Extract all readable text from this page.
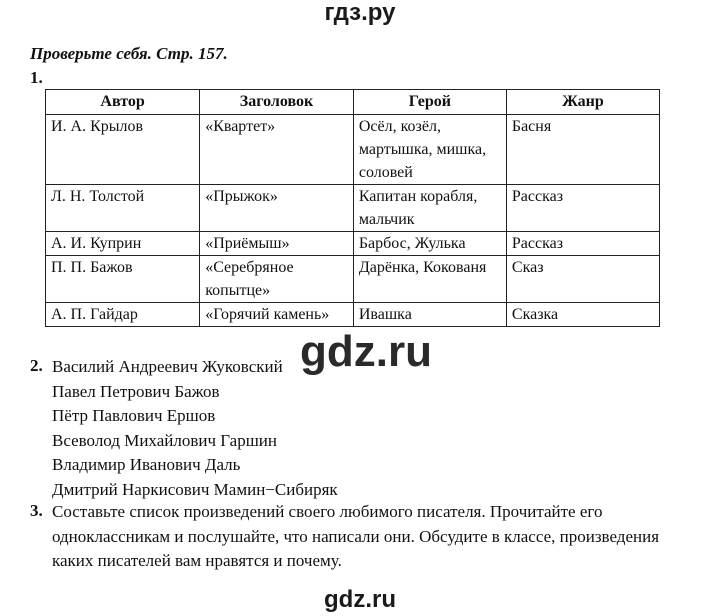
гдз.ру
Проверьте себя. Стр. 157.
1.
Автор	Заголовок	Герой	Жанр
И. А. Крылов	«Квартет»	Осёл, козёл, мартышка, мишка, соловей	Басня
Л. Н. Толстой	«Прыжок»	Капитан корабля, мальчик	Рассказ
А. И. Куприн	«Приёмыш»	Барбос, Жулька	Рассказ
П. П. Бажов	«Серебряное копытце»	Дарёнка, Кокованя	Сказ
А. П. Гайдар	«Горячий камень»	Ивашка	Сказка
2. Василий Андреевич Жуковский
Павел Петрович Бажов
Пётр Павлович Ершов
Всеволод Михайлович Гаршин
Владимир Иванович Даль
Дмитрий Наркисович Мамин−Сибиряк
gdz.ru
3. Составьте список произведений своего любимого писателя. Прочитайте его одноклассникам и послушайте, что написали они. Обсудите в классе, произведения каких писателей вам нравятся и почему.
gdz.ru
